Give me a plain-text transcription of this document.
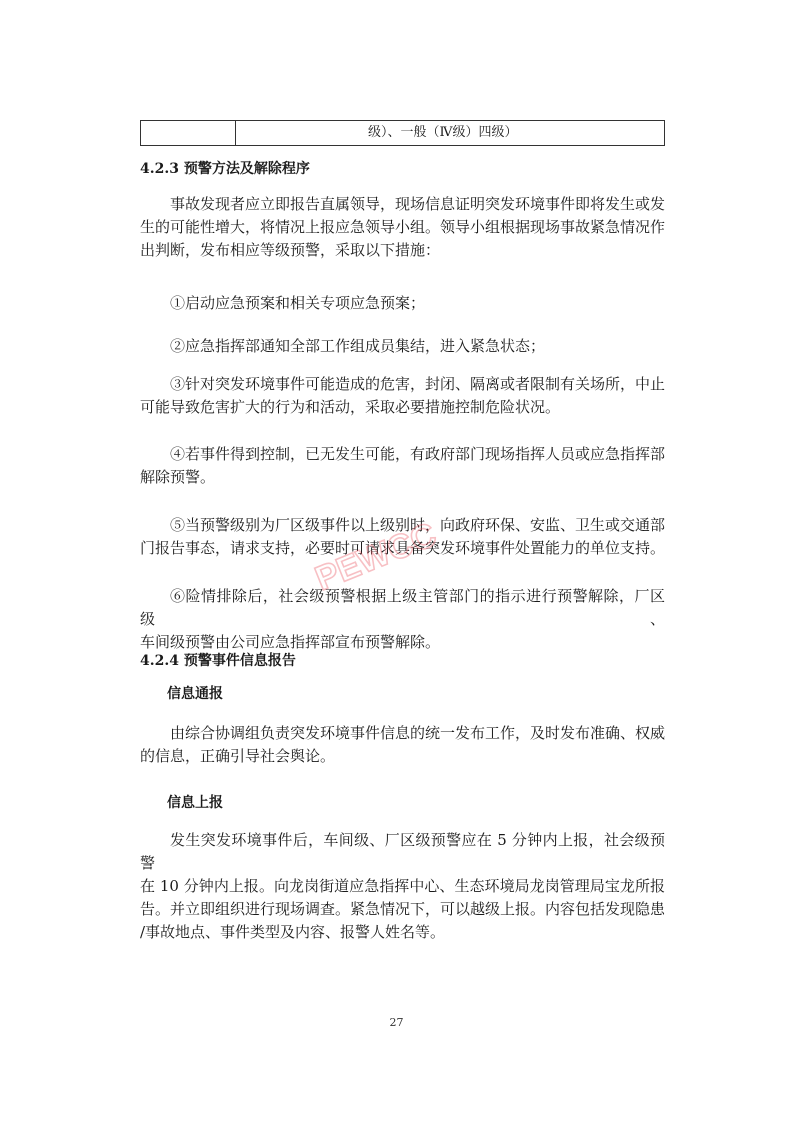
级）、一般（Ⅳ级）四级）
4.2.3 预警方法及解除程序

事故发现者应立即报告直属领导，现场信息证明突发环境事件即将发生或发
生的可能性增大，将情况上报应急领导小组。领导小组根据现场事故紧急情况作
出判断，发布相应等级预警，采取以下措施：

①启动应急预案和相关专项应急预案；

②应急指挥部通知全部工作组成员集结，进入紧急状态；

③针对突发环境事件可能造成的危害，封闭、隔离或者限制有关场所，中止
可能导致危害扩大的行为和活动，采取必要措施控制危险状况。

④若事件得到控制，已无发生可能，有政府部门现场指挥人员或应急指挥部
解除预警。

⑤当预警级别为厂区级事件以上级别时，向政府环保、安监、卫生或交通部
门报告事态，请求支持，必要时可请求具备突发环境事件处置能力的单位支持。

⑥险情排除后，社会级预警根据上级主管部门的指示进行预警解除，厂区级、
车间级预警由公司应急指挥部宣布预警解除。

4.2.4 预警事件信息报告
信息通报

由综合协调组负责突发环境事件信息的统一发布工作，及时发布准确、权威
的信息，正确引导社会舆论。

信息上报

发生突发环境事件后，车间级、厂区级预警应在 5 分钟内上报，社会级预警
在 10 分钟内上报。向龙岗街道应急指挥中心、生态环境局龙岗管理局宝龙所报
告。并立即组织进行现场调查。紧急情况下，可以越级上报。内容包括发现隐患
/事故地点、事件类型及内容、报警人姓名等。

PEWCC
27
